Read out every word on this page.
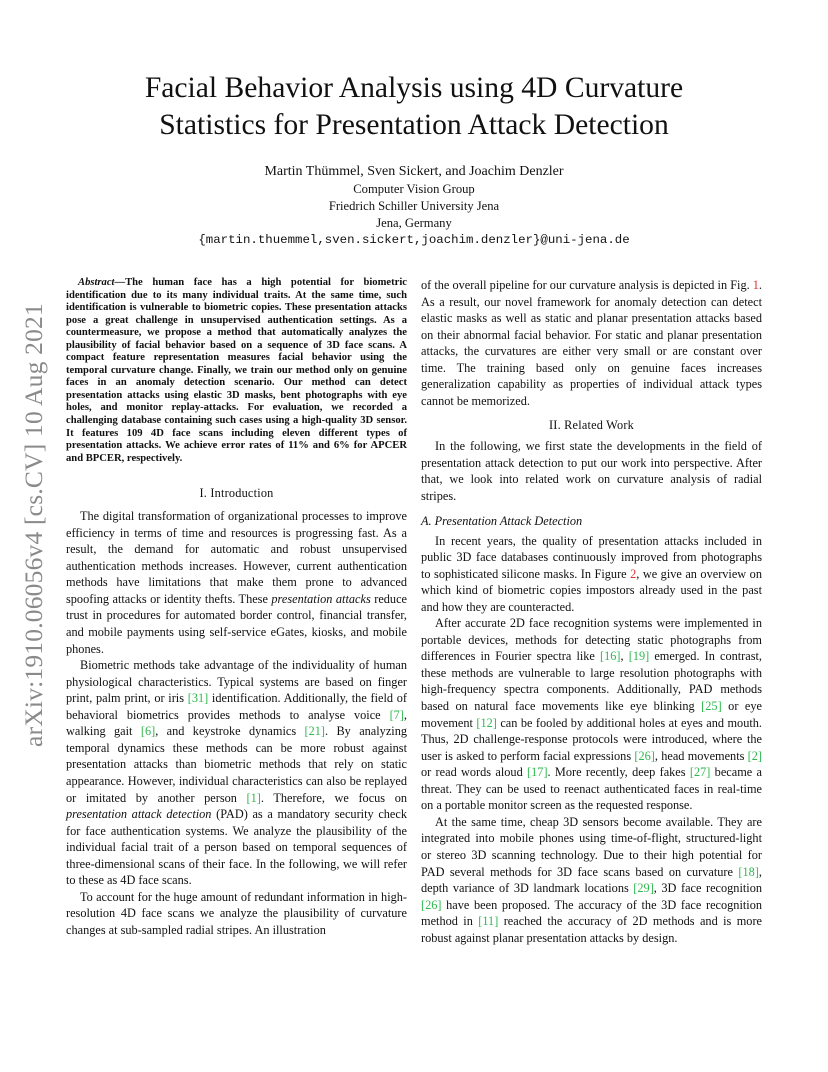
arXiv:1910.06056v4 [cs.CV] 10 Aug 2021
Facial Behavior Analysis using 4D Curvature
Statistics for Presentation Attack Detection
Martin Thümmel, Sven Sickert, and Joachim Denzler
Computer Vision Group
Friedrich Schiller University Jena
Jena, Germany
{martin.thuemmel,sven.sickert,joachim.denzler}@uni-jena.de

Abstract—The human face has a high potential for biometric identification due to its many individual traits. At the same time, such identification is vulnerable to biometric copies. These presentation attacks pose a great challenge in unsupervised authentication settings. As a countermeasure, we propose a method that automatically analyzes the plausibility of facial behavior based on a sequence of 3D face scans. A compact feature representation measures facial behavior using the temporal curvature change. Finally, we train our method only on genuine faces in an anomaly detection scenario. Our method can detect presentation attacks using elastic 3D masks, bent photographs with eye holes, and monitor replay-attacks. For evaluation, we recorded a challenging database containing such cases using a high-quality 3D sensor. It features 109 4D face scans including eleven different types of presentation attacks. We achieve error rates of 11% and 6% for APCER and BPCER, respectively.

I. Introduction

The digital transformation of organizational processes to improve efficiency in terms of time and resources is progressing fast. As a result, the demand for automatic and robust unsupervised authentication methods increases. However, current authentication methods have limitations that make them prone to advanced spoofing attacks or identity thefts. These presentation attacks reduce trust in procedures for automated border control, financial transfer, and mobile payments using self-service eGates, kiosks, and mobile phones.

Biometric methods take advantage of the individuality of human physiological characteristics. Typical systems are based on finger print, palm print, or iris [31] identification. Additionally, the field of behavioral biometrics provides methods to analyse voice [7], walking gait [6], and keystroke dynamics [21]. By analyzing temporal dynamics these methods can be more robust against presentation attacks than biometric methods that rely on static appearance. However, individual characteristics can also be replayed or imitated by another person [1]. Therefore, we focus on presentation attack detection (PAD) as a mandatory security check for face authentication systems. We analyze the plausibility of the individual facial trait of a person based on temporal sequences of three-dimensional scans of their face. In the following, we will refer to these as 4D face scans.

To account for the huge amount of redundant information in high-resolution 4D face scans we analyze the plausibility of curvature changes at sub-sampled radial stripes. An illustration

of the overall pipeline for our curvature analysis is depicted in Fig. 1. As a result, our novel framework for anomaly detection can detect elastic masks as well as static and planar presentation attacks based on their abnormal facial behavior. For static and planar presentation attacks, the curvatures are either very small or are constant over time. The training based only on genuine faces increases generalization capability as properties of individual attack types cannot be memorized.

II. Related Work

In the following, we first state the developments in the field of presentation attack detection to put our work into perspective. After that, we look into related work on curvature analysis of radial stripes.

A. Presentation Attack Detection

In recent years, the quality of presentation attacks included in public 3D face databases continuously improved from photographs to sophisticated silicone masks. In Figure 2, we give an overview on which kind of biometric copies impostors already used in the past and how they are counteracted.

After accurate 2D face recognition systems were implemented in portable devices, methods for detecting static photographs from differences in Fourier spectra like [16], [19] emerged. In contrast, these methods are vulnerable to large resolution photographs with high-frequency spectra components. Additionally, PAD methods based on natural face movements like eye blinking [25] or eye movement [12] can be fooled by additional holes at eyes and mouth. Thus, 2D challenge-response protocols were introduced, where the user is asked to perform facial expressions [26], head movements [2] or read words aloud [17]. More recently, deep fakes [27] became a threat. They can be used to reenact authenticated faces in real-time on a portable monitor screen as the requested response.

At the same time, cheap 3D sensors become available. They are integrated into mobile phones using time-of-flight, structured-light or stereo 3D scanning technology. Due to their high potential for PAD several methods for 3D face scans based on curvature [18], depth variance of 3D landmark locations [29], 3D face recognition [26] have been proposed. The accuracy of the 3D face recognition method in [11] reached the accuracy of 2D methods and is more robust against planar presentation attacks by design.
